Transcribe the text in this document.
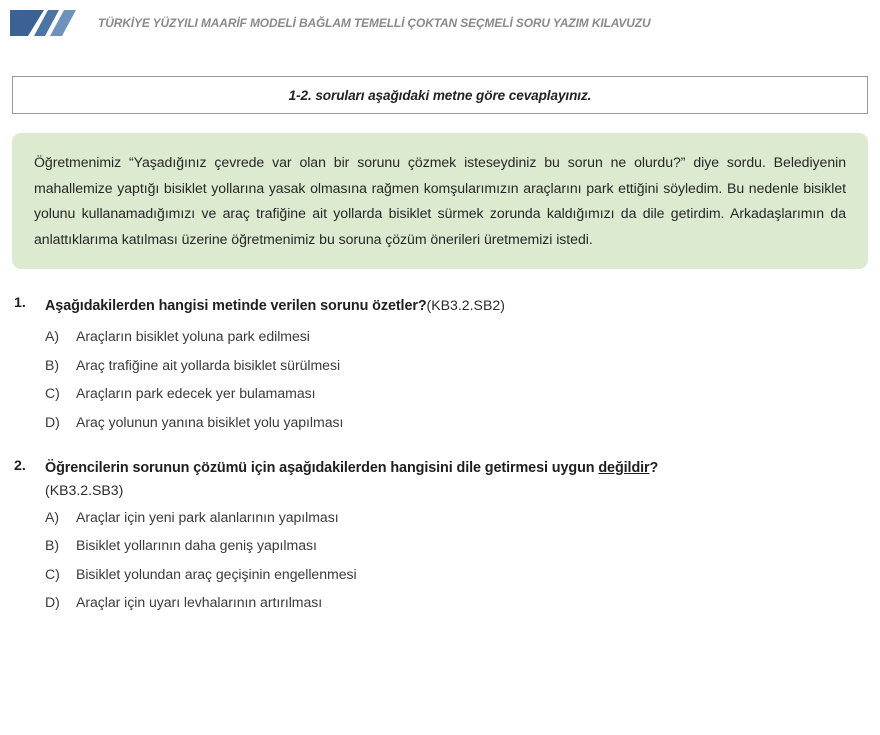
TÜRKİYE YÜZYILI MAARİF MODELİ BAĞLAM TEMELLİ ÇOKTAN SEÇMELİ SORU YAZIM KILAVUZU
1-2. soruları aşağıdaki metne göre cevaplayınız.

Öğretmenimiz “Yaşadığınız çevrede var olan bir sorunu çözmek isteseydiniz bu sorun ne olurdu?” diye sordu. Belediyenin mahallemize yaptığı bisiklet yollarına yasak olmasına rağmen komşularımızın araçlarını park ettiğini söyledim. Bu nedenle bisiklet yolunu kullanamadığımızı ve araç trafiğine ait yollarda bisiklet sürmek zorunda kaldığımızı da dile getirdim. Arkadaşlarımın da anlattıklarıma katılması üzerine öğretmenimiz bu soruna çözüm önerileri üretmemizi istedi.

1.	Aşağıdakilerden hangisi metinde verilen sorunu özetler?(KB3.2.SB2)
A)	Araçların bisiklet yoluna park edilmesi
B)	Araç trafiğine ait yollarda bisiklet sürülmesi
C)	Araçların park edecek yer bulamaması
D)	Araç yolunun yanına bisiklet yolu yapılması
2.	Öğrencilerin sorunun çözümü için aşağıdakilerden hangisini dile getirmesi uygun değildir?
(KB3.2.SB3)
A)	Araçlar için yeni park alanlarının yapılması
B)	Bisiklet yollarının daha geniş yapılması
C)	Bisiklet yolundan araç geçişinin engellenmesi
D)	Araçlar için uyarı levhalarının artırılması
